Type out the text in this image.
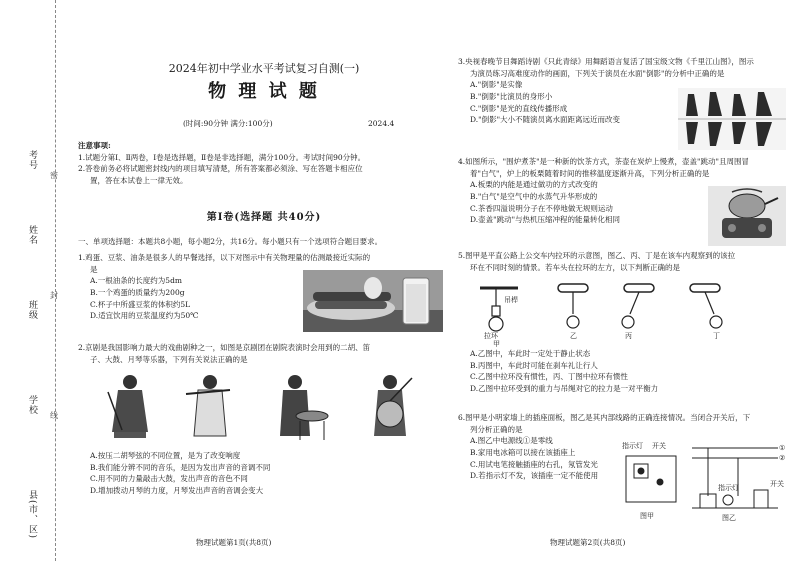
考号
姓名
班级
学校
县(市、区)
密
封
线
2024年初中学业水平考试复习自测(一)
物 理 试 题
(时间:90分钟 满分:100分)	2024.4
注意事项:
1.试题分第Ⅰ、Ⅱ两卷，Ⅰ卷是选择题，Ⅱ卷是非选择题，满分100分。考试时间90分钟。
2.答卷前务必将试题密封线内的项目填写清楚，所有答案都必须涂、写在答题卡相应位
置，答在本试卷上一律无效。
第Ⅰ卷(选择题 共40分)
一、单项选择题：本题共8小题，每小题2分，共16分。每小题只有一个选项符合题目要求。
1.鸡蛋、豆浆、油条是很多人的早餐选择，以下对图示中有关物理量的估测最接近实际的
是
A.一根油条的长度约为5dm
B.一个鸡蛋的质量约为200g
C.杯子中所盛豆浆的体积约5L
D.适宜饮用的豆浆温度约为50℃
2.京剧是我国影响力最大的戏曲剧种之一，如图是京剧团在剧院表演时会用到的二胡、笛
子、大鼓、月琴等乐器，下列有关说法正确的是
A.按压二胡琴弦的不同位置，是为了改变响度
B.我们能分辨不同的音乐，是因为发出声音的音调不同
C.用不同的力量敲击大鼓，发出声音的音色不同
D.增加拨动月琴的力度，月琴发出声音的音调会变大
物理试题第1页(共8页)
3.央视春晚节目舞蹈诗剧《只此青绿》用舞蹈语言复活了国宝级文物《千里江山图》，图示
为演员练习高难度动作的画面，下列关于演员在水面"倒影"的分析中正确的是
A."倒影"是实像
B."倒影"比演员的身形小
C."倒影"是光的直线传播形成
D."倒影"大小不随演员离水面距离远近而改变
4.如图所示，"围炉煮茶"是一种新的饮茶方式，茶壶在炭炉上慢煮，壶盖"跳动"且周围冒
着"白气"，炉上的板栗随着时间的推移温度逐渐升高，下列分析正确的是
A.板栗的内能是通过做功的方式改变的
B."白气"是空气中的水蒸气升华形成的
C.茶香四溢说明分子在不停地做无规则运动
D.壶盖"跳动"与热机压缩冲程的能量转化相同
5.图甲是平直公路上公交车内拉环的示意图，图乙、丙、丁是在该车内观察到的该拉
环在不同时刻的情景。若车头在拉环的左方，以下判断正确的是
吊桿
拉环
甲
乙	丙	丁
A.乙图中，车此时一定处于静止状态
B.丙图中，车此时可能在刹车礼让行人
C.乙图中拉环没有惯性，丙、丁图中拉环有惯性
D.乙图中拉环受到的重力与吊绳对它的拉力是一对平衡力
6.图甲是小明家墙上的插座面板，图乙是其内部线路的正确连接情况。当闭合开关后，下
列分析正确的是
A.图乙中电源线①是零线
B.家用电冰箱可以接在该插座上
C.用试电笔接触插座的右孔，氖管发光
D.若指示灯不发，该插座一定不能使用
指示灯 开关
图甲	图乙
指示灯	开关
①
②
物理试题第2页(共8页)
